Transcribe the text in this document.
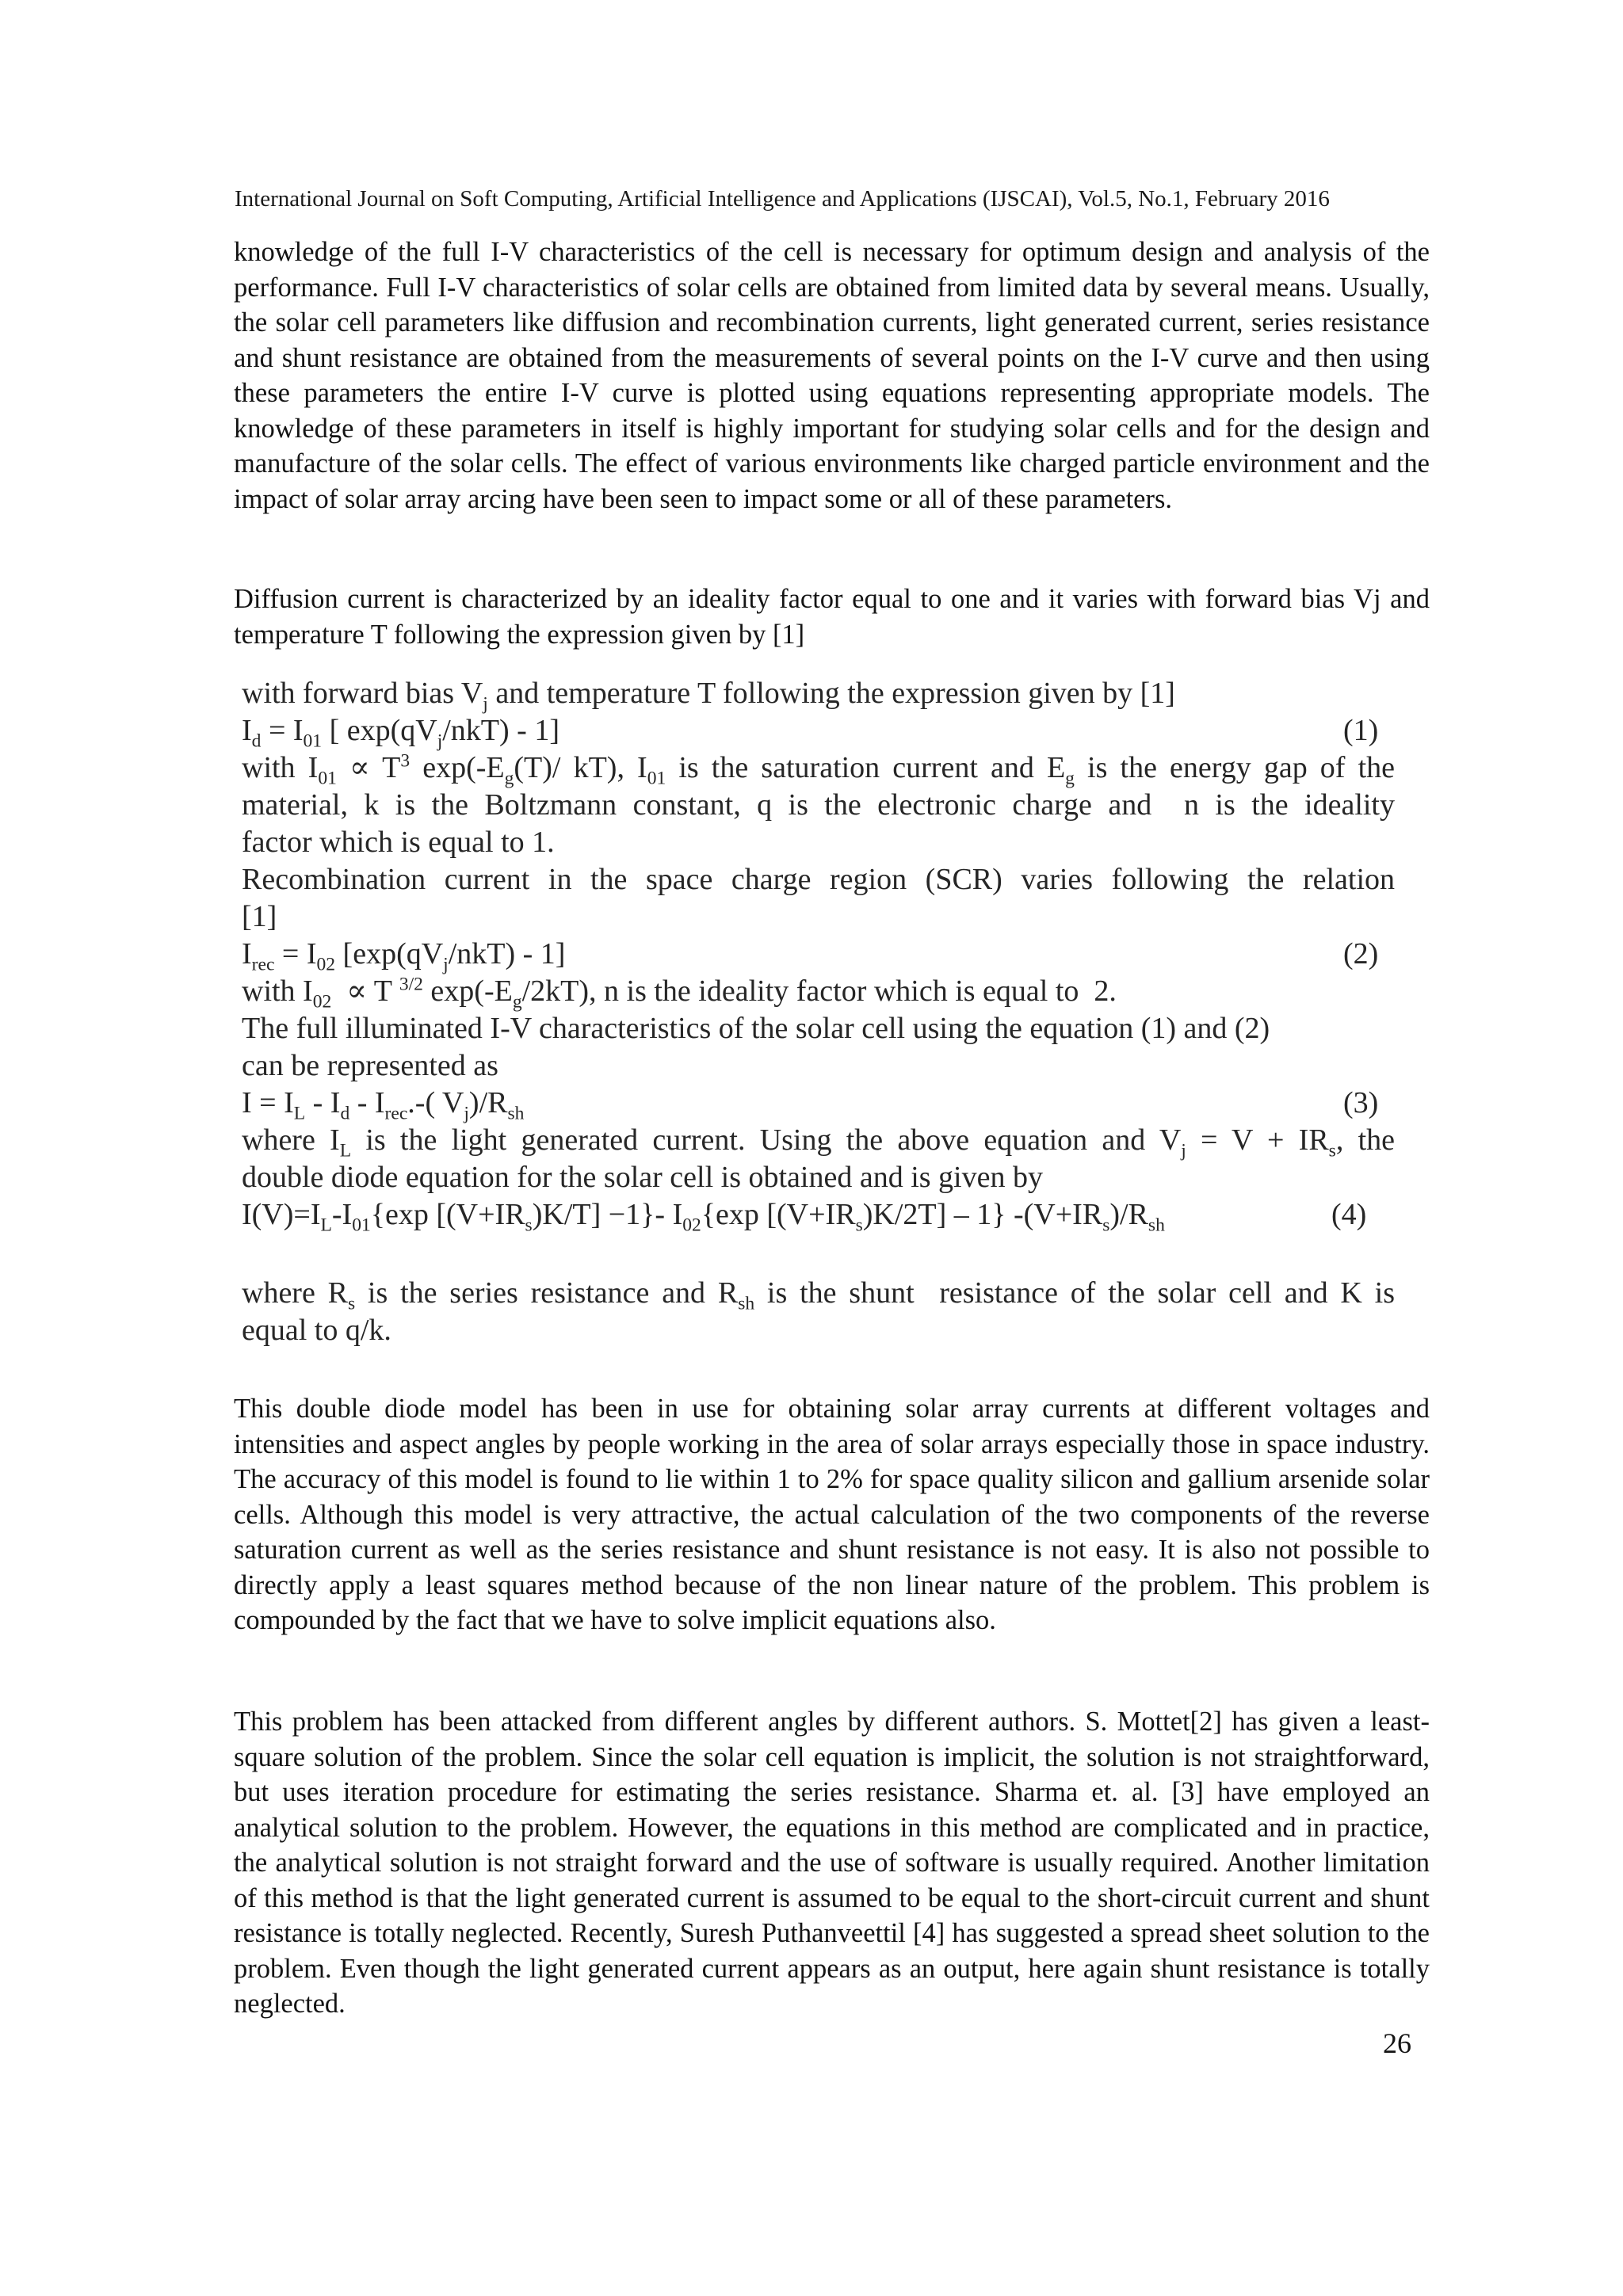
International Journal on Soft Computing, Artificial Intelligence and Applications (IJSCAI), Vol.5, No.1, February 2016
knowledge of the full I-V characteristics of the cell is necessary for optimum design and analysis of the performance. Full I-V characteristics of solar cells are obtained from limited data by several means. Usually, the solar cell parameters like diffusion and recombination currents, light generated current, series resistance and shunt resistance are obtained from the measurements of several points on the I-V curve and then using these parameters the entire I-V curve is plotted using equations representing appropriate models. The knowledge of these parameters in itself is highly important for studying solar cells and for the design and manufacture of the solar cells. The effect of various environments like charged particle environment and the impact of solar array arcing have been seen to impact some or all of these parameters.
Diffusion current is characterized by an ideality factor equal to one and it varies with forward bias Vj and temperature T following the expression given by [1]
with forward bias $V_j$ and temperature T following the expression given by [1]
$I_d = I_{01}$ [ $\exp(qV_j/nkT) - 1$]	(1)
with $I_{01} \propto T^3$ $\exp(-E_g(T)/$ kT), $I_{01}$ is the saturation current and $E_g$ is the energy gap of the
material, k is the Boltzmann constant, q is the electronic charge and  n is the ideality
factor which is equal to 1.
Recombination current in the space charge region (SCR) varies following the relation
[1]
$I_{rec} = I_{02}$ $[\exp(qV_j/nkT) - 1]$	(2)
with $I_{02} \propto T$ $^{3/2}$ $\exp(-E_g/2kT)$, n is the ideality factor which is equal to  2.
The full illuminated I-V characteristics of the solar cell using the equation (1) and (2)
can be represented as
$I = I_L - I_d - I_{rec}.-$( $V_j)/R_{sh}$	(3)
where $I_L$ is the light generated current. Using the above equation and $V_j = V + IR_s$, the
double diode equation for the solar cell is obtained and is given by
$I(V)=I_L-I_{01}\{\exp$ $[(V+IR_s)K/T] -1\}-$ $I_{02}\{\exp$ $[(V+IR_s)K/2T] - 1$} $-(V+IR_s)/R_{sh}$	(4)
where $R_s$ is the series resistance and $R_{sh}$ is the shunt  resistance of the solar cell and K is
equal to q/k.
This double diode model has been in use for obtaining solar array currents at different voltages and intensities and aspect angles by people working in the area of solar arrays especially those in space industry. The accuracy of this model is found to lie within 1 to 2% for space quality silicon and gallium arsenide solar cells. Although this model is very attractive, the actual calculation of the two components of the reverse saturation current as well as the series resistance and shunt resistance is not easy. It is also not possible to directly apply a least squares method because of the non linear nature of the problem. This problem is compounded by the fact that we have to solve implicit equations also.
This problem has been attacked from different angles by different authors. S. Mottet[2] has given a least-square solution of the problem. Since the solar cell equation is implicit, the solution is not straightforward, but uses iteration procedure for estimating the series resistance. Sharma et. al. [3] have employed an analytical solution to the problem. However, the equations in this method are complicated and in practice, the analytical solution is not straight forward and the use of software is usually required. Another limitation of this method is that the light generated current is assumed to be equal to the short-circuit current and shunt resistance is totally neglected. Recently, Suresh Puthanveettil [4] has suggested a spread sheet solution to the problem. Even though the light generated current appears as an output, here again shunt resistance is totally neglected.
26
